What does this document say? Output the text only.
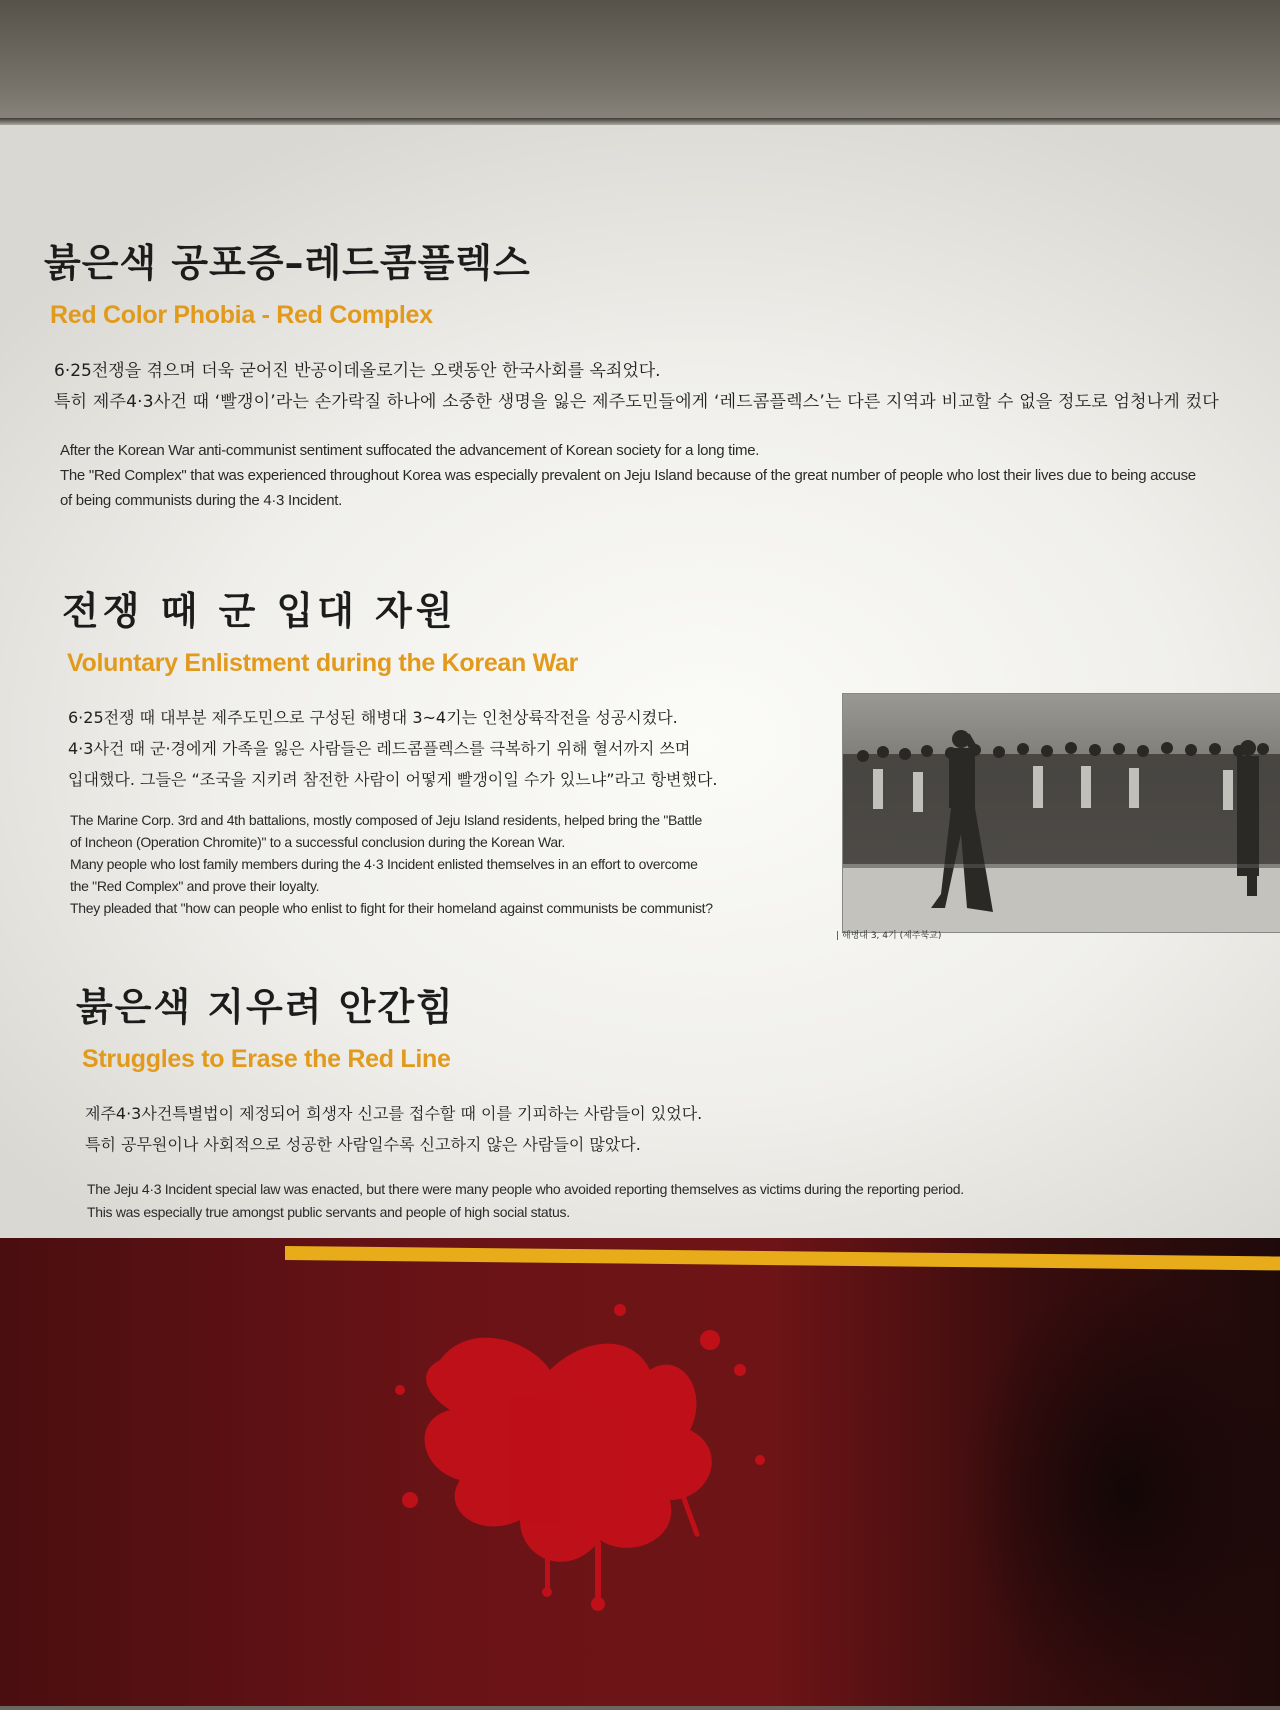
붉은색 공포증–레드콤플렉스
Red Color Phobia - Red Complex

6·25전쟁을 겪으며 더욱 굳어진 반공이데올로기는 오랫동안 한국사회를 옥죄었다.

특히 제주4·3사건 때 ‘빨갱이’라는 손가락질 하나에 소중한 생명을 잃은 제주도민들에게 ‘레드콤플렉스’는 다른 지역과 비교할 수 없을 정도로 엄청나게 컸다

After the Korean War anti-communist sentiment suffocated the advancement of Korean society for a long time.

The "Red Complex" that was experienced throughout Korea was especially prevalent on Jeju Island because of the great number of people who lost their lives due to being accuse

of being communists during the 4·3 Incident.

전쟁 때 군 입대 자원
Voluntary Enlistment during the Korean War

6·25전쟁 때 대부분 제주도민으로 구성된 해병대 3~4기는 인천상륙작전을 성공시켰다.

4·3사건 때 군·경에게 가족을 잃은 사람들은 레드콤플렉스를 극복하기 위해 혈서까지 쓰며

입대했다. 그들은 “조국을 지키려 참전한 사람이 어떻게 빨갱이일 수가 있느냐”라고 항변했다.

The Marine Corp. 3rd and 4th battalions, mostly composed of Jeju Island residents, helped bring the "Battle

of Incheon (Operation Chromite)" to a successful conclusion during the Korean War.

Many people who lost family members during the 4·3 Incident enlisted themselves in an effort to overcome

the "Red Complex" and prove their loyalty.

They pleaded that "how can people who enlist to fight for their homeland against communists be communist?

| 해병대 3, 4기 (제주북교)
붉은색 지우려 안간힘
Struggles to Erase the Red Line

제주4·3사건특별법이 제정되어 희생자 신고를 접수할 때 이를 기피하는 사람들이 있었다.

특히 공무원이나 사회적으로 성공한 사람일수록 신고하지 않은 사람들이 많았다.

The Jeju 4·3 Incident special law was enacted, but there were many people who avoided reporting themselves as victims during the reporting period.

This was especially true amongst public servants and people of high social status.
